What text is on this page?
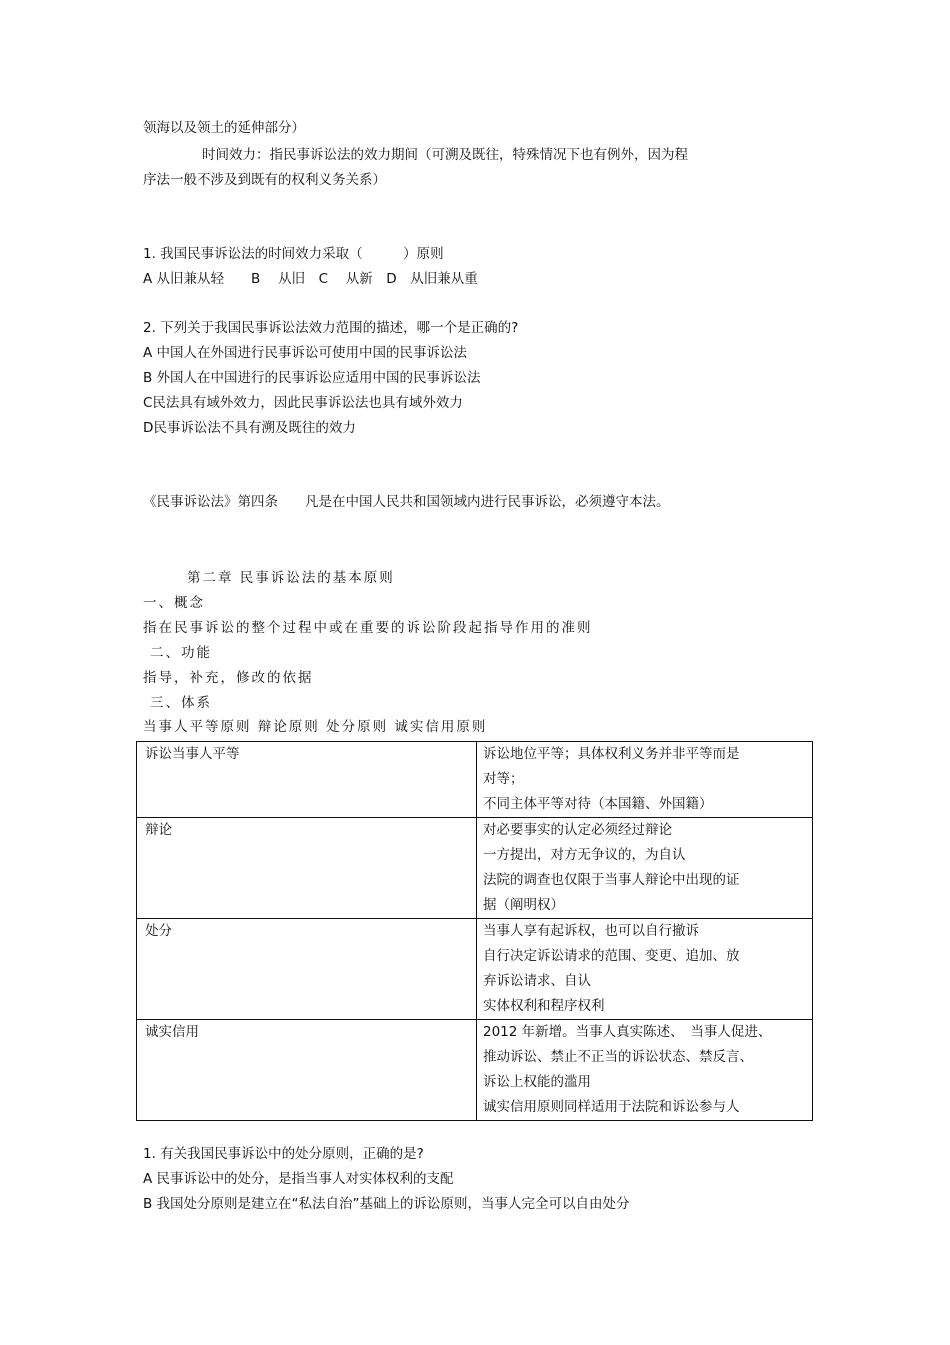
领海以及领土的延伸部分）
时间效力：指民事诉讼法的效力期间（可溯及既往，特殊情况下也有例外，因为程
序法一般不涉及到既有的权利义务关系）
1. 我国民事诉讼法的时间效力采取（　　　）原则
A 从旧兼从轻　　B　 从旧　C　 从新　D　从旧兼从重
2. 下列关于我国民事诉讼法效力范围的描述，哪一个是正确的?
A 中国人在外国进行民事诉讼可使用中国的民事诉讼法
B 外国人在中国进行的民事诉讼应适用中国的民事诉讼法
C民法具有域外效力，因此民事诉讼法也具有域外效力
D民事诉讼法不具有溯及既往的效力
《民事诉讼法》第四条　　凡是在中国人民共和国领域内进行民事诉讼，必须遵守本法。
第二章 民事诉讼法的基本原则
一、概念
指在民事诉讼的整个过程中或在重要的诉讼阶段起指导作用的准则
二、功能
指导，补充，修改的依据
三、体系
当事人平等原则 辩论原则 处分原则 诚实信用原则
诉讼当事人平等	诉讼地位平等；具体权利义务并非平等而是
对等；
不同主体平等对待（本国籍、外国籍）

辩论	对必要事实的认定必须经过辩论
一方提出，对方无争议的，为自认
法院的调查也仅限于当事人辩论中出现的证
据（阐明权）

处分	当事人享有起诉权，也可以自行撤诉
自行决定诉讼请求的范围、变更、追加、放
弃诉讼请求、自认
实体权利和程序权利

诚实信用	2012 年新增。当事人真实陈述、　当事人促进、
推动诉讼、禁止不正当的诉讼状态、禁反言、
诉讼上权能的滥用
诚实信用原则同样适用于法院和诉讼参与人
1. 有关我国民事诉讼中的处分原则，正确的是?
A 民事诉讼中的处分，是指当事人对实体权利的支配
B 我国处分原则是建立在“私法自治”基础上的诉讼原则，当事人完全可以自由处分
